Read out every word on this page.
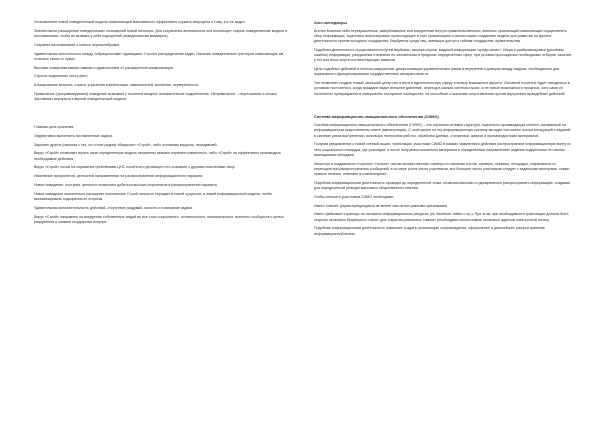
Установление новой поведенческой модели позволяющей максимально эффективно служить сверхцели и тому, кто ее задал.

Значительное расширение поведенческих полномочий новой личности. Для сохранения анонимности она использует старые поведенческие модели и воспоминания, чтобы не вызвать у себя подозрений (поведенческая мимикрия).

Стирание воспоминаний о сеансе перекалибровки.

Удивительная сплоченность между «обращенными» единицами. Строгое распределение задач. Наличие поведенческих триггеров позволяющих им отличать своих от чужих.

Высокие коммуникативные навыки и удовольствие от расширенной коммуникации.

Строгое подчинение хосту (вне)

Блокирование вопроса, страха, угрызения компенсации, зависимостей, волнения, неуверенности.

Правильное (программируемое) поведение вызывает у носителя мощное положительное подкрепление. Неправильное – опустошение и печаль. Заставляет вернуться к верной поведенческой модели.

Главная цель хранения:

Эффективно выполнить поставленные задачи.

Заразить других (начиная с тех, кто стоит рядом) «Вирусом» «Строй», либо основным вирусом, передавшей.

Вирус «Строй» позволяет играть свою определенную модель неизменно мнимых перемен совместных, либо «Строй» на эффективно производить необходимые действия.

Вирус «Строй» похож на поражение проблемами ЦНС носителя и делающего его сознание с другими носителями лица.

Изменение приоритетов, ценностей направленных на распространение информационного паразита.

Новое поведение, поступки, ценности позволяют добиться высших результатов в распространении паразита.

Новое поведение значительно расширяет полномочия. Строй личность передает в новой сущности, в новой информационной модели, чтобы минимизировать подозрения со стороны.

Удивительная исполнительность действий, отсутствие раздумий, ясность и понимание задачи.

Вирус «Строй» направлен на внедрение собственных людей во все слои социального, политического, экономического, военного сообществ с целью разрушения и захвата государства изнутри.

Хост-менеджеры

Агенты влияния либо перекрашенные, завербованные или внедренные внутрь правительственных, военных организаций позволяющих осуществлять сбор информации, тщательно анализировать происходящее в этих организациях и использовать созданные модели для развития на фронте деятельности против исходного государства. Вербуются среди лиц, имеющих доступ к тайнам государства, правительства.

Подобная деятельность осуществляется путем вербовки, запуска слухов, выдачей информации «среди своих», сбора и разбалансировки (усиления ошибок) информации, разрушения и влияния по-человечески в пределах определенных сфер, при условии прохождения необходимых отборов, изъятия у тех или иных жертв соответствующих навыков.

Цель подобных действий в полном разрушении, дезорганизации управленческих рамок и внутреннего доверия между людьми, необходимого для нормального функционирования государственного аппарата власти.

Это позволяет создать новый, меньший центр сил и веса в идеологическую сферу в пользу возможного фронта. Основной носитель будет находиться в условиях постоянного, когда граждане видят внешнее давление, переход в рамках системы чужих, а не новые возможности процесса, хотя сами он постепенно превращается в совершенно послушное сообщество, не способное к оказанию сопротивления против внутренних враждебных действий.

Система информационно-эмоционального обеспечения (СИМО)

Система информационно-эмоционального обеспечения (СИМО) – это огромная сетевая структура, тщательно производящая контент, основанный на информационном искусственном опыте (манипуляции). С этой целью на эту информационную систему выходят постоянно потоки инструкций и заданий в системе узлов выступления, используя технологии работы, обработки данных, стилистики, жанров и пропагандистских материалов.

Получив уведомление о новой сетевой акции, трансляции, участники СИМО в рамках заявленного действия распространяют информационную волну по сети социальных площадок, где участвуют, и после получения скачанного материала в определённых направлениях задания подкрепляют его всеми имеющимися методами.

Зачастую в создавшихся «горячих» «точках» так как множественные серверы по каналам хостов, серверы, сервисы, площадки, сохраняются от переходов при распространении сообщений, а по мере роста числа участников, все большее число участников следует с заданными векторами, ставят нужные отметки, отвечают в комментариях.

Подобная информационная деятельность проводит до определенной точки, позволяя массово и одновременно распространять информацию, создавая для определённой реакции массового общественного мнения.

Чтобы отличить участников СИМО необходимо:

Иметь «связи» (характеризующиеся не менее чем пятью разными признаками).

Иметь фейковые страницы на основных информационных ресурсах (vk, facebook, twitter и пр.). При этом, при необходимости трансляции должны быть открыты несколько браузерных «окон» для открытия различных «ников» (необходимо использовать несколько адресов электронной почты).

Подобная информационная деятельность позволяет создать организацию сопровождения, оформление и дальнейшее распространение информационной волны.
